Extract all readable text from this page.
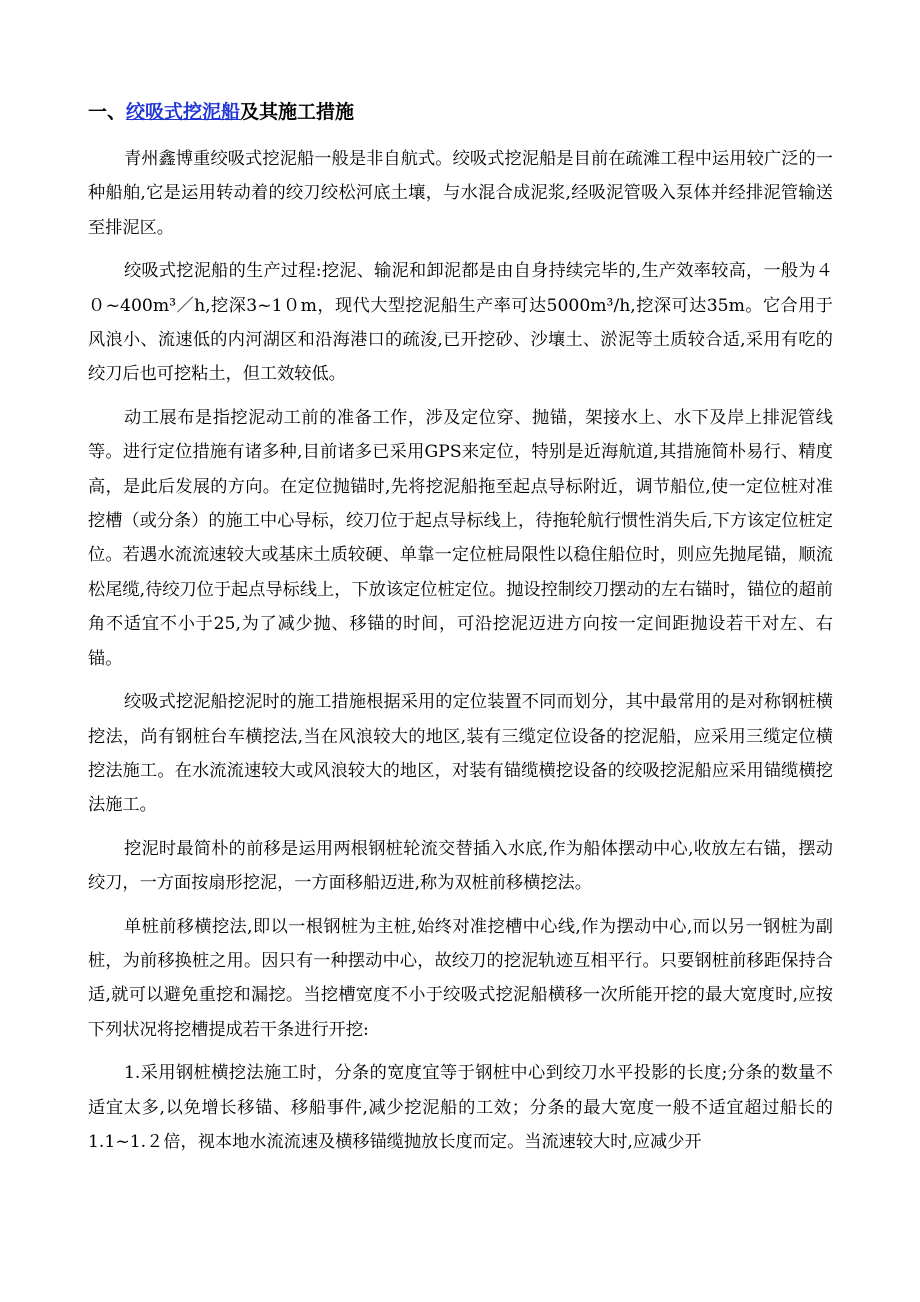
一、绞吸式挖泥船及其施工措施

青州鑫博重绞吸式挖泥船一般是非自航式。绞吸式挖泥船是目前在疏滩工程中运用较广泛的一种船舶,它是运用转动着的绞刀绞松河底土壤，与水混合成泥浆,经吸泥管吸入泵体并经排泥管输送至排泥区。

绞吸式挖泥船的生产过程:挖泥、输泥和卸泥都是由自身持续完毕的,生产效率较高，一般为４０~400m³／h,挖深3~1０m，现代大型挖泥船生产率可达5000m³/h,挖深可达35m。它合用于风浪小、流速低的内河湖区和沿海港口的疏浚,已开挖砂、沙壤土、淤泥等土质较合适,采用有吃的绞刀后也可挖粘土，但工效较低。

动工展布是指挖泥动工前的准备工作，涉及定位穿、抛锚，架接水上、水下及岸上排泥管线等。进行定位措施有诸多种,目前诸多已采用GPS来定位，特别是近海航道,其措施简朴易行、精度高，是此后发展的方向。在定位抛锚时,先将挖泥船拖至起点导标附近，调节船位,使一定位桩对准挖槽（或分条）的施工中心导标，绞刀位于起点导标线上，待拖轮航行惯性消失后,下方该定位桩定位。若遇水流流速较大或基床土质较硬、单靠一定位桩局限性以稳住船位时，则应先抛尾锚，顺流松尾缆,待绞刀位于起点导标线上，下放该定位桩定位。抛设控制绞刀摆动的左右锚时，锚位的超前角不适宜不小于25,为了减少抛、移锚的时间，可沿挖泥迈进方向按一定间距抛设若干对左、右锚。

绞吸式挖泥船挖泥时的施工措施根据采用的定位装置不同而划分，其中最常用的是对称钢桩横挖法，尚有钢桩台车横挖法,当在风浪较大的地区,装有三缆定位设备的挖泥船，应采用三缆定位横挖法施工。在水流流速较大或风浪较大的地区，对装有锚缆横挖设备的绞吸挖泥船应采用锚缆横挖法施工。

挖泥时最简朴的前移是运用两根钢桩轮流交替插入水底,作为船体摆动中心,收放左右锚，摆动绞刀，一方面按扇形挖泥，一方面移船迈进,称为双桩前移横挖法。

单桩前移横挖法,即以一根钢桩为主桩,始终对准挖槽中心线,作为摆动中心,而以另一钢桩为副桩，为前移换桩之用。因只有一种摆动中心，故绞刀的挖泥轨迹互相平行。只要钢桩前移距保持合适,就可以避免重挖和漏挖。当挖槽宽度不小于绞吸式挖泥船横移一次所能开挖的最大宽度时,应按下列状况将挖槽提成若干条进行开挖:

1.采用钢桩横挖法施工时，分条的宽度宜等于钢桩中心到绞刀水平投影的长度;分条的数量不适宜太多,以免增长移锚、移船事件,减少挖泥船的工效；分条的最大宽度一般不适宜超过船长的1.1~1.２倍，视本地水流流速及横移锚缆抛放长度而定。当流速较大时,应减少开
